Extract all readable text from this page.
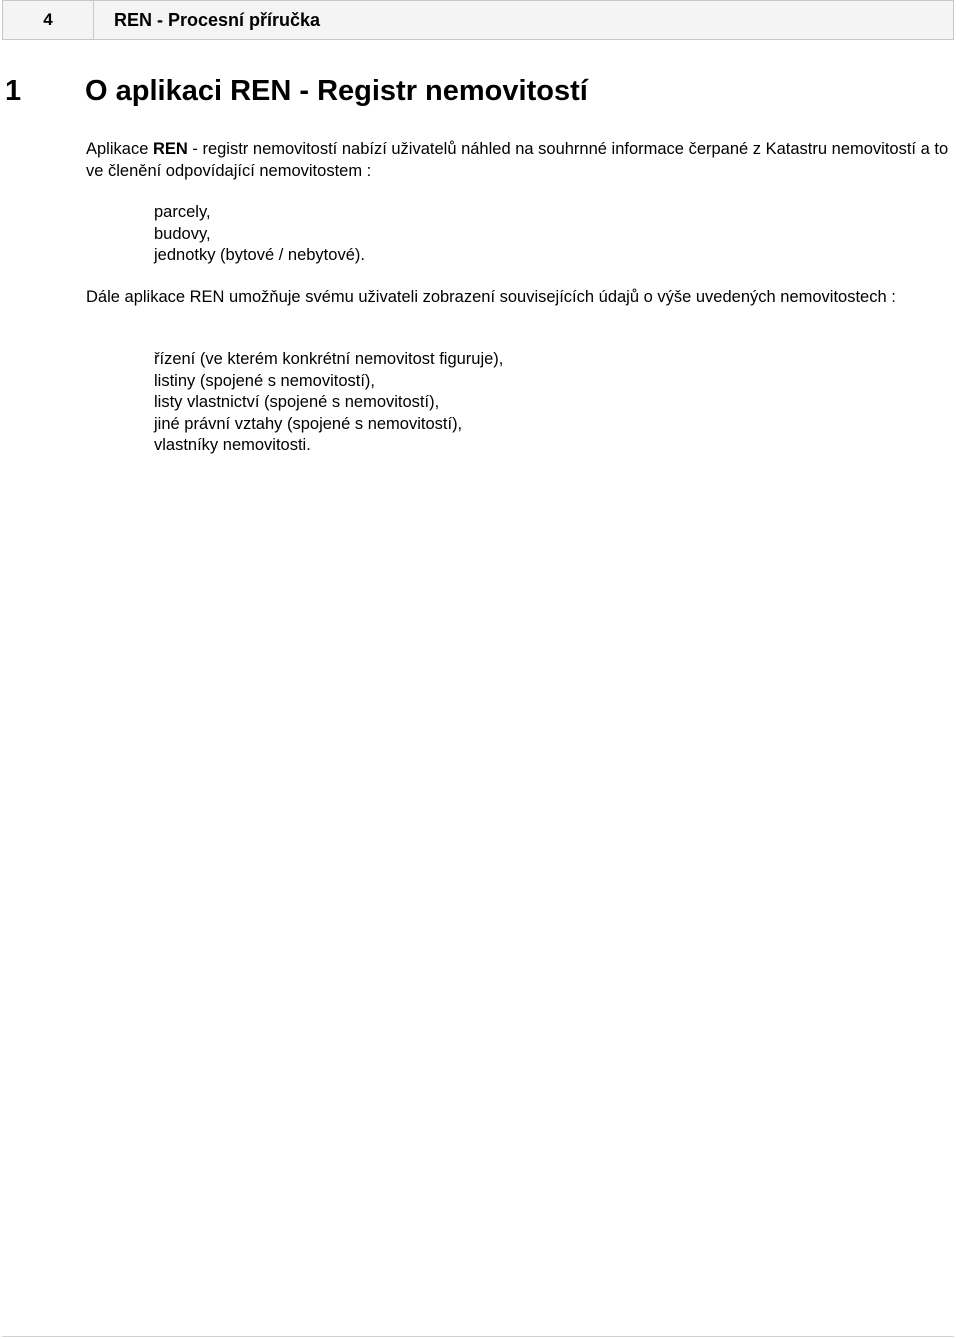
4	REN - Procesní příručka
1 O aplikaci REN - Registr nemovitostí

Aplikace REN - registr nemovitostí nabízí uživatelů náhled na souhrnné informace čerpané z Katastru nemovitostí a to ve členění odpovídající nemovitostem :

parcely,
budovy,
jednotky (bytové / nebytové).

Dále aplikace REN umožňuje svému uživateli zobrazení souvisejících údajů o výše uvedených nemovitostech :

řízení (ve kterém konkrétní nemovitost figuruje),
listiny (spojené s nemovitostí),
listy vlastnictví (spojené s nemovitostí),
jiné právní vztahy (spojené s nemovitostí),
vlastníky nemovitosti.
